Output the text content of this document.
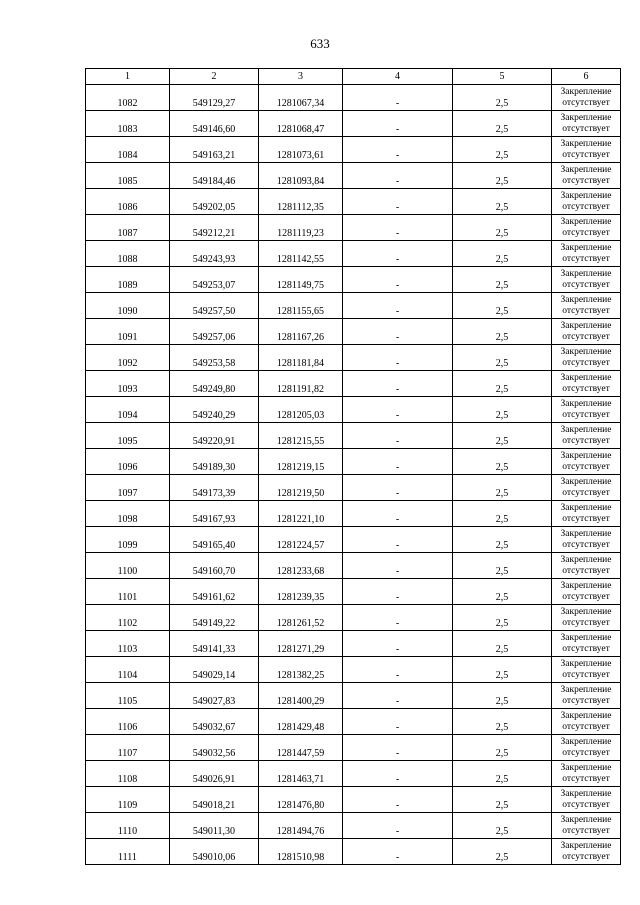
633
1	2	3	4	5	6
1082	549129,27	1281067,34	-	2,5	Закрепление отсутствует
1083	549146,60	1281068,47	-	2,5	Закрепление отсутствует
1084	549163,21	1281073,61	-	2,5	Закрепление отсутствует
1085	549184,46	1281093,84	-	2,5	Закрепление отсутствует
1086	549202,05	1281112,35	-	2,5	Закрепление отсутствует
1087	549212,21	1281119,23	-	2,5	Закрепление отсутствует
1088	549243,93	1281142,55	-	2,5	Закрепление отсутствует
1089	549253,07	1281149,75	-	2,5	Закрепление отсутствует
1090	549257,50	1281155,65	-	2,5	Закрепление отсутствует
1091	549257,06	1281167,26	-	2,5	Закрепление отсутствует
1092	549253,58	1281181,84	-	2,5	Закрепление отсутствует
1093	549249,80	1281191,82	-	2,5	Закрепление отсутствует
1094	549240,29	1281205,03	-	2,5	Закрепление отсутствует
1095	549220,91	1281215,55	-	2,5	Закрепление отсутствует
1096	549189,30	1281219,15	-	2,5	Закрепление отсутствует
1097	549173,39	1281219,50	-	2,5	Закрепление отсутствует
1098	549167,93	1281221,10	-	2,5	Закрепление отсутствует
1099	549165,40	1281224,57	-	2,5	Закрепление отсутствует
1100	549160,70	1281233,68	-	2,5	Закрепление отсутствует
1101	549161,62	1281239,35	-	2,5	Закрепление отсутствует
1102	549149,22	1281261,52	-	2,5	Закрепление отсутствует
1103	549141,33	1281271,29	-	2,5	Закрепление отсутствует
1104	549029,14	1281382,25	-	2,5	Закрепление отсутствует
1105	549027,83	1281400,29	-	2,5	Закрепление отсутствует
1106	549032,67	1281429,48	-	2,5	Закрепление отсутствует
1107	549032,56	1281447,59	-	2,5	Закрепление отсутствует
1108	549026,91	1281463,71	-	2,5	Закрепление отсутствует
1109	549018,21	1281476,80	-	2,5	Закрепление отсутствует
1110	549011,30	1281494,76	-	2,5	Закрепление отсутствует
1111	549010,06	1281510,98	-	2,5	Закрепление отсутствует
